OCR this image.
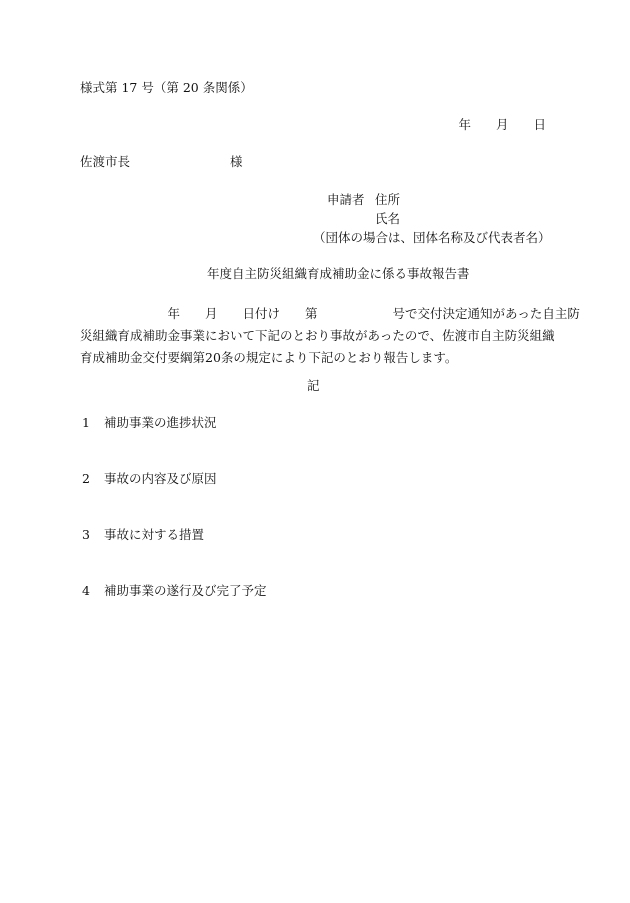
様式第 17 号（第 20 条関係）
年　　月　　日
佐渡市長　　　　　　　　様
申請者 住所
氏名
（団体の場合は、団体名称及び代表者名）
年度自主防災組織育成補助金に係る事故報告書
　　　　　　　年　　月　　日付け　　第　　　　　　号で交付決定通知があった自主防
災組織育成補助金事業において下記のとおり事故があったので、佐渡市自主防災組織
育成補助金交付要綱第20条の規定により下記のとおり報告します。
記
1 補助事業の進捗状況
2 事故の内容及び原因
3 事故に対する措置
4 補助事業の遂行及び完了予定
